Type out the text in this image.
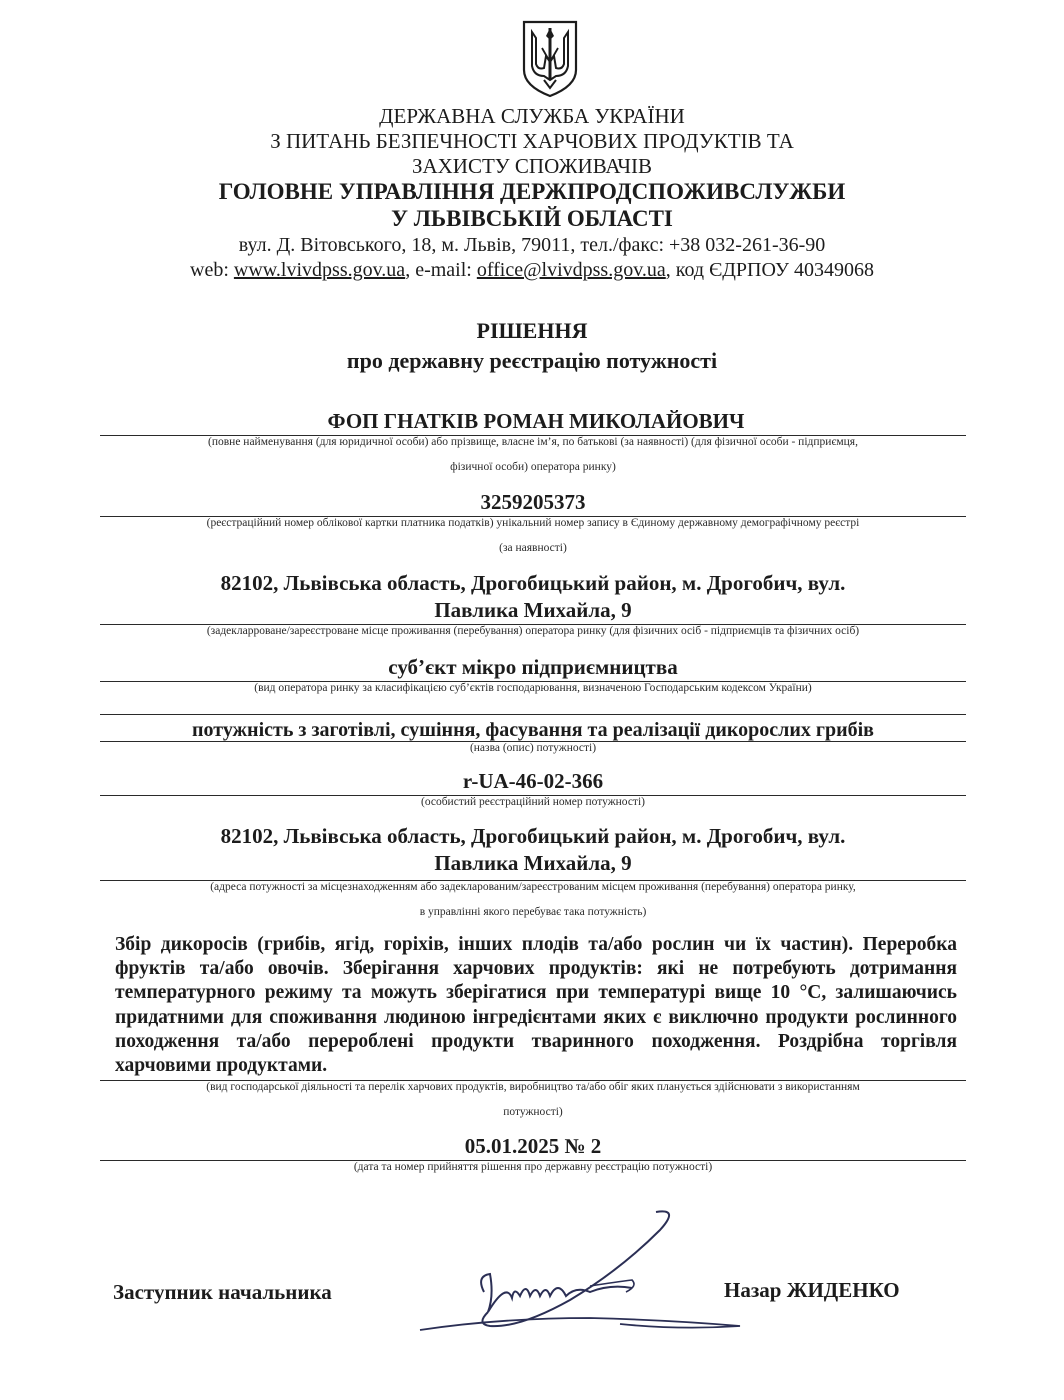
ДЕРЖАВНА СЛУЖБА УКРАЇНИ
З ПИТАНЬ БЕЗПЕЧНОСТІ ХАРЧОВИХ ПРОДУКТІВ ТА
ЗАХИСТУ СПОЖИВАЧІВ
ГОЛОВНЕ УПРАВЛІННЯ ДЕРЖПРОДСПОЖИВСЛУЖБИ
У ЛЬВІВСЬКІЙ ОБЛАСТІ
вул. Д. Вітовського, 18, м. Львів, 79011, тел./факс: +38 032-261-36-90
web: www.lvivdpss.gov.ua, e-mail: office@lvivdpss.gov.ua, код ЄДРПОУ 40349068
РІШЕННЯ
про державну реєстрацію потужності
ФОП ГНАТКІВ РОМАН МИКОЛАЙОВИЧ
(повне найменування (для юридичної особи) або прізвище, власне ім’я, по батькові (за наявності) (для фізичної особи - підприємця,
фізичної особи) оператора ринку)
3259205373
(реєстраційний номер облікової картки платника податків) унікальний номер запису в Єдиному державному демографічному реєстрі
(за наявності)
82102, Львівська область, Дрогобицький район, м. Дрогобич, вул.
Павлика Михайла, 9
(задекларроване/зареєстроване місце проживання (перебування) оператора ринку (для фізичних осіб - підприємців та фізичних осіб)
суб’єкт мікро підприємництва
(вид оператора ринку за класифікацією суб’єктів господарювання, визначеною Господарським кодексом України)
потужність з заготівлі, сушіння, фасування та реалізації дикорослих грибів
(назва (опис) потужності)
r-UA-46-02-366
(особистий реєстраційний номер потужності)
82102, Львівська область, Дрогобицький район, м. Дрогобич, вул.
Павлика Михайла, 9
(адреса потужності за місцезнаходженням або задекларованим/зареєстрованим місцем проживання (перебування) оператора ринку,
в управлінні якого перебуває така потужність)
Збір дикоросів (грибів, ягід, горіхів, інших плодів та/або рослин чи їх частин). Переробка фруктів та/або овочів. Зберігання харчових продуктів: які не потребують дотримання температурного режиму та можуть зберігатися при температурі вище 10 °С, залишаючись придатними для споживання людиною інгредієнтами яких є виключно продукти рослинного походження та/або перероблені продукти тваринного походження. Роздрібна торгівля харчовими продуктами.
(вид господарської діяльності та перелік харчових продуктів, виробництво та/або обіг яких планується здійснювати з використанням
потужності)
05.01.2025 № 2
(дата та номер прийняття рішення про державну реєстрацію потужності)
Заступник начальника	Назар ЖИДЕНКО
